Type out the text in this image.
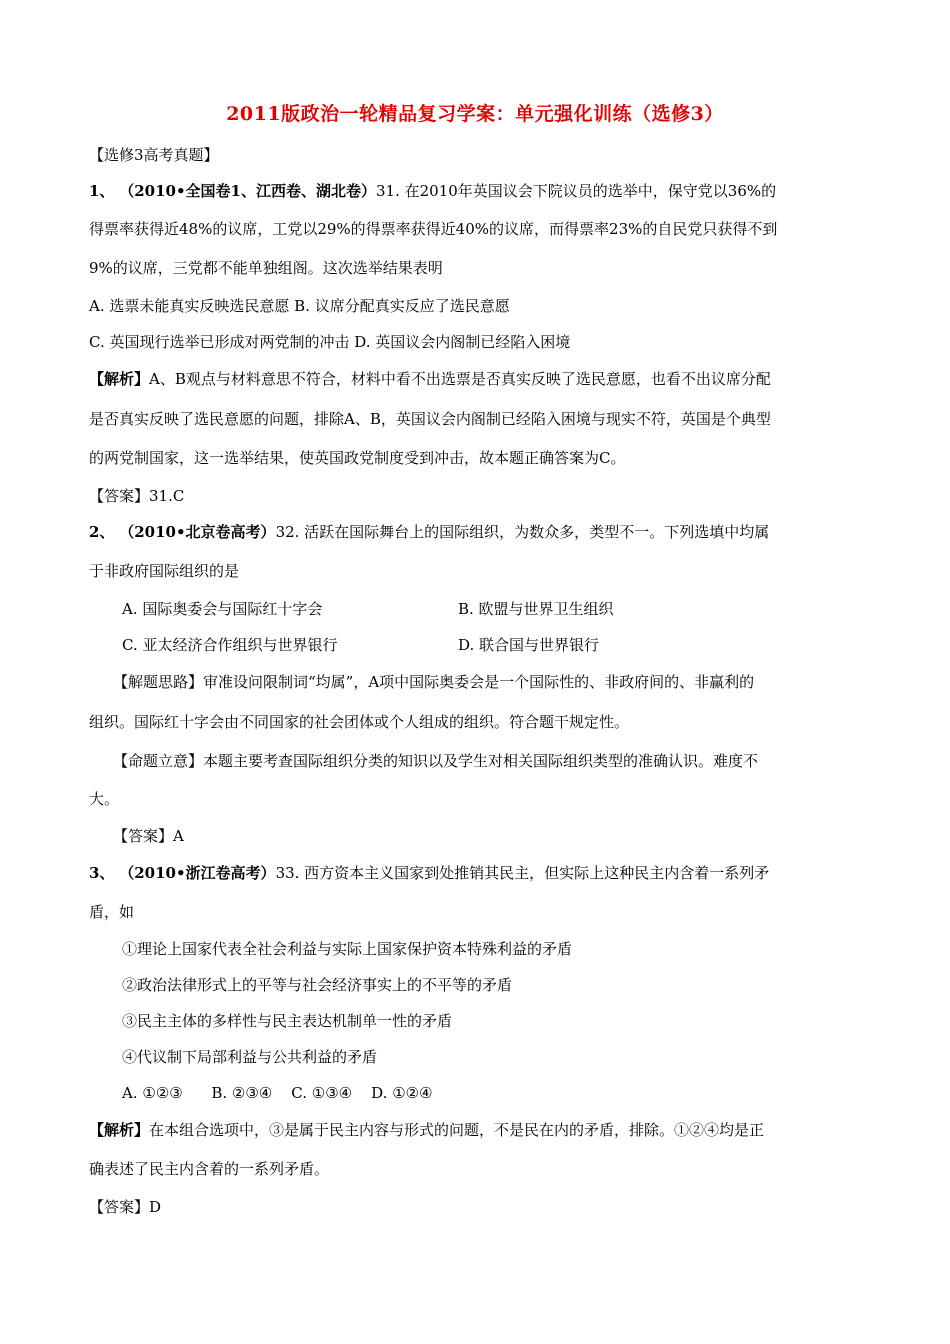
2011版政治一轮精品复习学案：单元强化训练（选修3）
【选修3高考真题】
1、 （2010•全国卷1、江西卷、湖北卷）31. 在2010年英国议会下院议员的选举中，保守党以36%的
得票率获得近48%的议席，工党以29%的得票率获得近40%的议席，而得票率23%的自民党只获得不到
9%的议席，三党都不能单独组阁。这次选举结果表明
A. 选票未能真实反映选民意愿 B. 议席分配真实反应了选民意愿
C. 英国现行选举已形成对两党制的冲击 D. 英国议会内阁制已经陷入困境
【解析】A、B观点与材料意思不符合，材料中看不出选票是否真实反映了选民意愿，也看不出议席分配
是否真实反映了选民意愿的问题，排除A、B，英国议会内阁制已经陷入困境与现实不符，英国是个典型
的两党制国家，这一选举结果，使英国政党制度受到冲击，故本题正确答案为C。
【答案】31.C
2、 （2010•北京卷高考）32. 活跃在国际舞台上的国际组织，为数众多，类型不一。下列选填中均属
于非政府国际组织的是
A. 国际奥委会与国际红十字会	B. 欧盟与世界卫生组织
C. 亚太经济合作组织与世界银行	D. 联合国与世界银行
【解题思路】审准设问限制词“均属”，A项中国际奥委会是一个国际性的、非政府间的、非赢利的
组织。国际红十字会由不同国家的社会团体或个人组成的组织。符合题干规定性。
【命题立意】本题主要考查国际组织分类的知识以及学生对相关国际组织类型的准确认识。难度不
大。
【答案】A
3、 （2010•浙江卷高考）33. 西方资本主义国家到处推销其民主，但实际上这种民主内含着一系列矛
盾，如
①理论上国家代表全社会利益与实际上国家保护资本特殊利益的矛盾
②政治法律形式上的平等与社会经济事实上的不平等的矛盾
③民主主体的多样性与民主表达机制单一性的矛盾
④代议制下局部利益与公共利益的矛盾
A. ①②③      B. ②③④    C. ①③④    D. ①②④
【解析】在本组合选项中，③是属于民主内容与形式的问题，不是民在内的矛盾，排除。①②④均是正
确表述了民主内含着的一系列矛盾。
【答案】D
